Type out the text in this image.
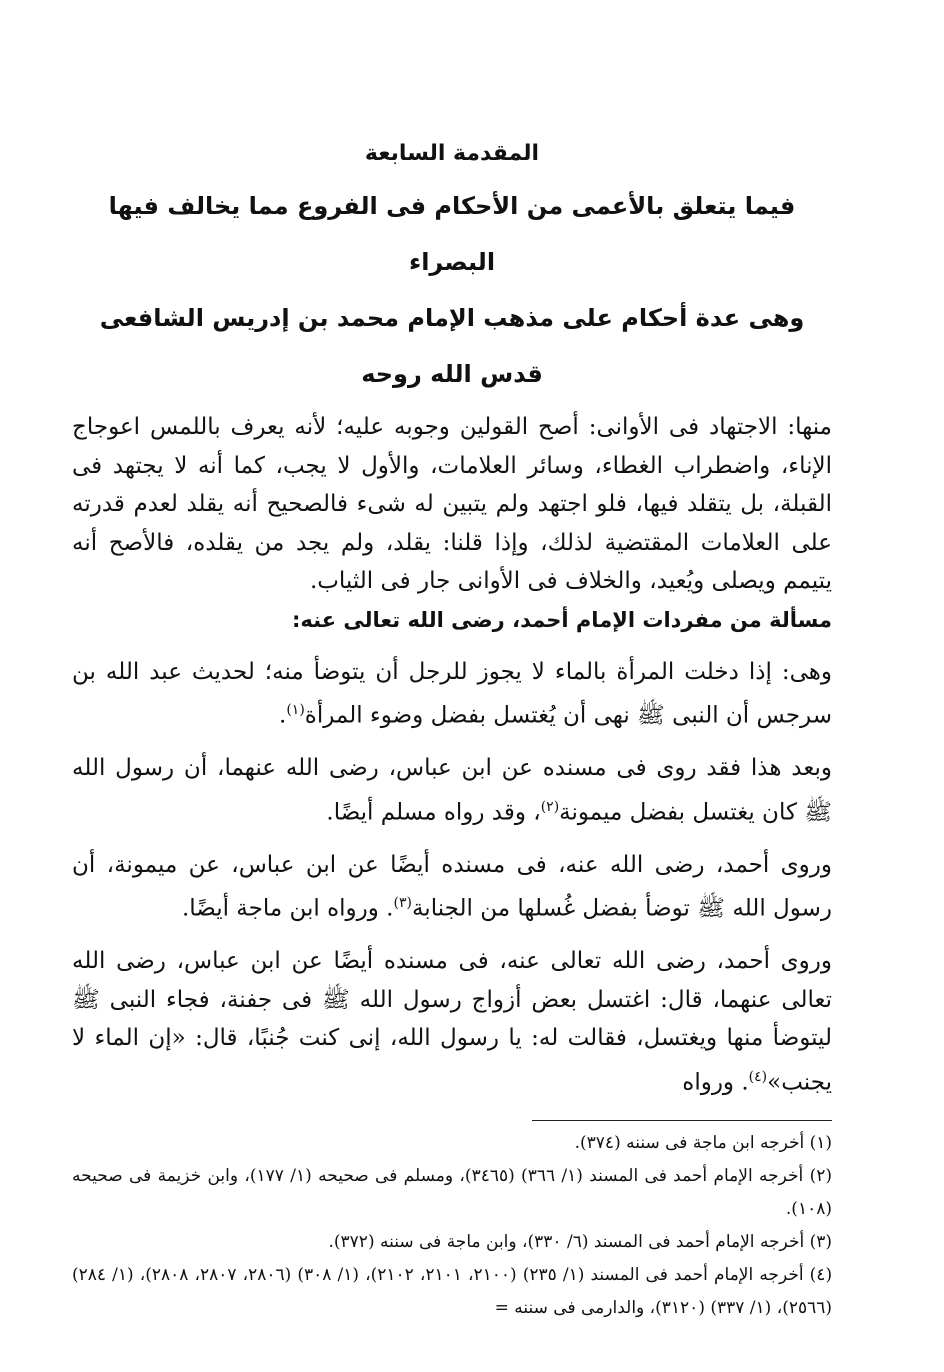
المقدمة السابعة
فيما يتعلق بالأعمى من الأحكام فى الفروع مما يخالف فيها البصراء
وهى عدة أحكام على مذهب الإمام محمد بن إدريس الشافعى
قدس الله روحه

منها: الاجتهاد فى الأوانى: أصح القولين وجوبه عليه؛ لأنه يعرف باللمس اعوجاج الإناء، واضطراب الغطاء، وسائر العلامات، والأول لا يجب، كما أنه لا يجتهد فى القبلة، بل يتقلد فيها، فلو اجتهد ولم يتبين له شىء فالصحيح أنه يقلد لعدم قدرته على العلامات المقتضية لذلك، وإذا قلنا: يقلد، ولم يجد من يقلده، فالأصح أنه يتيمم ويصلى ويُعيد، والخلاف فى الأوانى جار فى الثياب.

مسألة من مفردات الإمام أحمد، رضى الله تعالى عنه:

وهى: إذا دخلت المرأة بالماء لا يجوز للرجل أن يتوضأ منه؛ لحديث عبد الله بن سرجس أن النبى ﷺ نهى أن يُغتسل بفضل وضوء المرأة$^{(١)}$.

وبعد هذا فقد روى فى مسنده عن ابن عباس، رضى الله عنهما، أن رسول الله ﷺ كان يغتسل بفضل ميمونة$^{(٢)}$، وقد رواه مسلم أيضًا.

وروى أحمد، رضى الله عنه، فى مسنده أيضًا عن ابن عباس، عن ميمونة، أن رسول الله ﷺ توضأ بفضل غُسلها من الجنابة$^{(٣)}$. ورواه ابن ماجة أيضًا.

وروى أحمد، رضى الله تعالى عنه، فى مسنده أيضًا عن ابن عباس، رضى الله تعالى عنهما، قال: اغتسل بعض أزواج رسول الله ﷺ فى جفنة، فجاء النبى ﷺ ليتوضأ منها ويغتسل، فقالت له: يا رسول الله، إنى كنت جُنبًا، قال: «إن الماء لا يجنب»$^{(٤)}$. ورواه

(١) أخرجه ابن ماجة فى سننه (٣٧٤).

(٢) أخرجه الإمام أحمد فى المسند (١/ ٣٦٦) (٣٤٦٥)، ومسلم فى صحيحه (١/ ١٧٧)، وابن خزيمة فى صحيحه (١٠٨).

(٣) أخرجه الإمام أحمد فى المسند (٦/ ٣٣٠)، وابن ماجة فى سننه (٣٧٢).

(٤) أخرجه الإمام أحمد فى المسند (١/ ٢٣٥) (٢١٠٠، ٢١٠١، ٢١٠٢)، (١/ ٣٠٨) (٢٨٠٦، ٢٨٠٧، ٢٨٠٨)، (١/ ٢٨٤) (٢٥٦٦)، (١/ ٣٣٧) (٣١٢٠)، والدارمى فى سننه =
